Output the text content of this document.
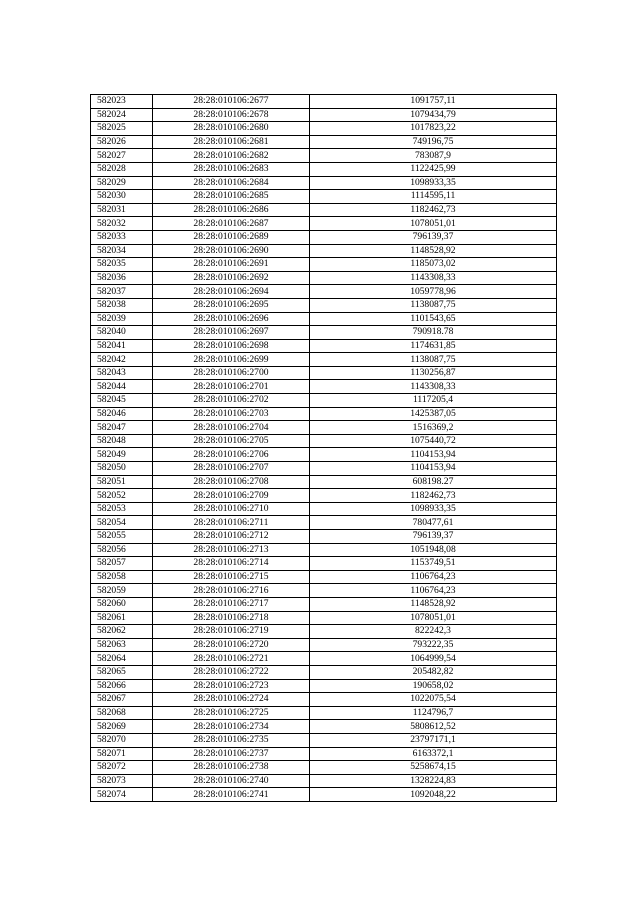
582023	28:28:010106:2677	1091757,11
582024	28:28:010106:2678	1079434,79
582025	28:28:010106:2680	1017823,22
582026	28:28:010106:2681	749196,75
582027	28:28:010106:2682	783087,9
582028	28:28:010106:2683	1122425,99
582029	28:28:010106:2684	1098933,35
582030	28:28:010106:2685	1114595,11
582031	28:28:010106:2686	1182462,73
582032	28:28:010106:2687	1078051,01
582033	28:28:010106:2689	796139,37
582034	28:28:010106:2690	1148528,92
582035	28:28:010106:2691	1185073,02
582036	28:28:010106:2692	1143308,33
582037	28:28:010106:2694	1059778,96
582038	28:28:010106:2695	1138087,75
582039	28:28:010106:2696	1101543,65
582040	28:28:010106:2697	790918.78
582041	28:28:010106:2698	1174631,85
582042	28:28:010106:2699	1138087,75
582043	28:28:010106:2700	1130256,87
582044	28:28:010106:2701	1143308,33
582045	28:28:010106:2702	1117205,4
582046	28:28:010106:2703	1425387,05
582047	28:28:010106:2704	1516369,2
582048	28:28:010106:2705	1075440,72
582049	28:28:010106:2706	1104153,94
582050	28:28:010106:2707	1104153,94
582051	28:28:010106:2708	608198.27
582052	28:28:010106:2709	1182462,73
582053	28:28:010106:2710	1098933,35
582054	28:28:010106:2711	780477,61
582055	28:28:010106:2712	796139,37
582056	28:28:010106:2713	1051948,08
582057	28:28:010106:2714	1153749,51
582058	28:28:010106:2715	1106764,23
582059	28:28:010106:2716	1106764,23
582060	28:28:010106:2717	1148528,92
582061	28:28:010106:2718	1078051,01
582062	28:28:010106:2719	822242,3
582063	28:28:010106:2720	793222,35
582064	28:28:010106:2721	1064999,54
582065	28:28:010106:2722	205482,82
582066	28:28:010106:2723	190658,02
582067	28:28:010106:2724	1022075,54
582068	28:28:010106:2725	1124796,7
582069	28:28:010106:2734	5808612,52
582070	28:28:010106:2735	23797171,1
582071	28:28:010106:2737	6163372,1
582072	28:28:010106:2738	5258674,15
582073	28:28:010106:2740	1328224,83
582074	28:28:010106:2741	1092048,22
